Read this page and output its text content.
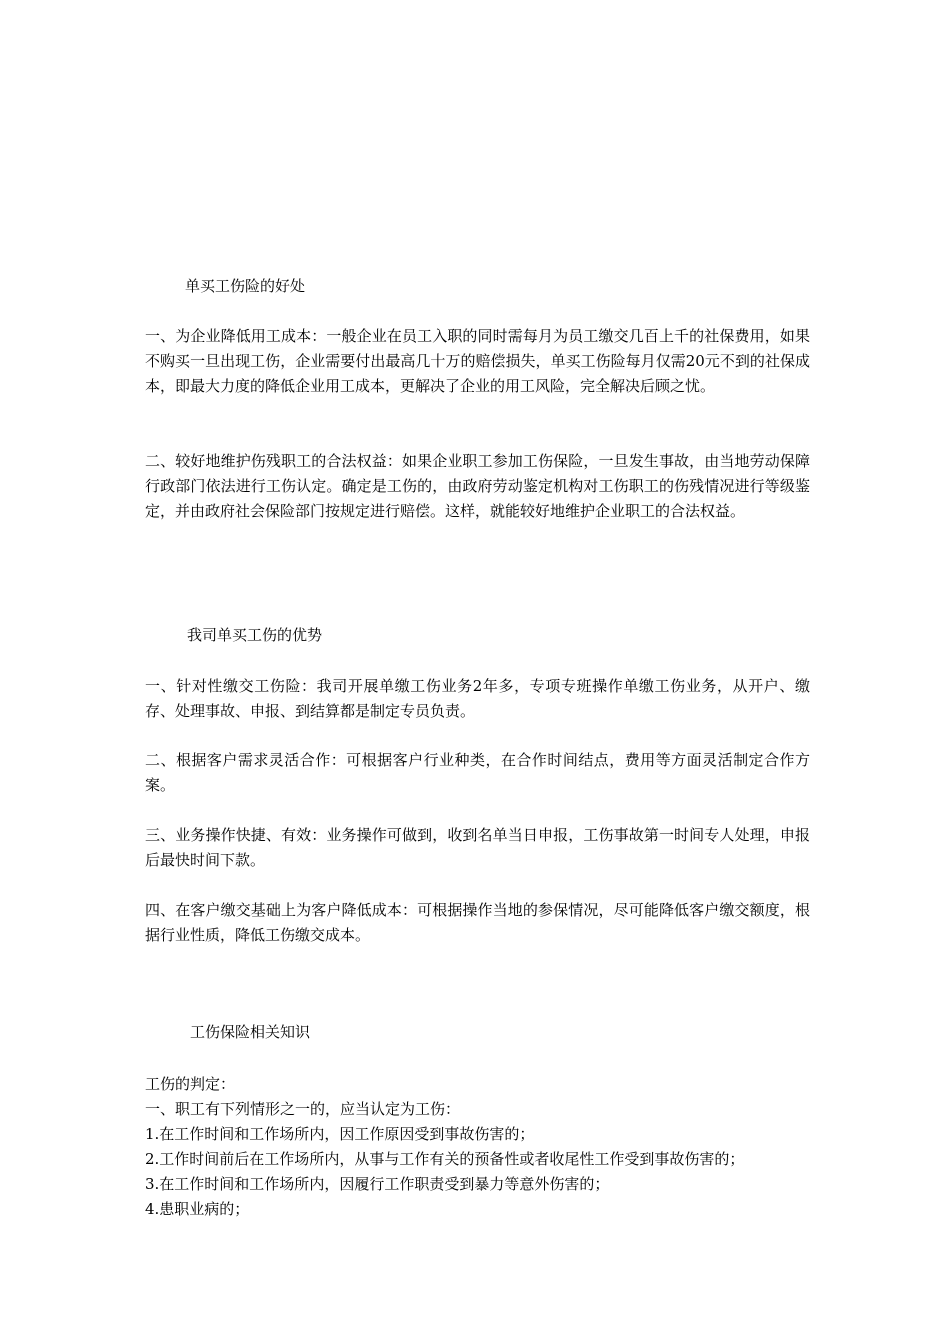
单买工伤险的好处

一、为企业降低用工成本：一般企业在员工入职的同时需每月为员工缴交几百上千的社保费用，如果不购买一旦出现工伤，企业需要付出最高几十万的赔偿损失，单买工伤险每月仅需20元不到的社保成本，即最大力度的降低企业用工成本，更解决了企业的用工风险，完全解决后顾之忧。

二、较好地维护伤残职工的合法权益：如果企业职工参加工伤保险，一旦发生事故，由当地劳动保障行政部门依法进行工伤认定。确定是工伤的，由政府劳动鉴定机构对工伤职工的伤残情况进行等级鉴定，并由政府社会保险部门按规定进行赔偿。这样，就能较好地维护企业职工的合法权益。

我司单买工伤的优势

一、针对性缴交工伤险：我司开展单缴工伤业务2年多，专项专班操作单缴工伤业务，从开户、缴存、处理事故、申报、到结算都是制定专员负责。

二、根据客户需求灵活合作：可根据客户行业种类，在合作时间结点，费用等方面灵活制定合作方案。

三、业务操作快捷、有效：业务操作可做到，收到名单当日申报，工伤事故第一时间专人处理，申报后最快时间下款。

四、在客户缴交基础上为客户降低成本：可根据操作当地的参保情况，尽可能降低客户缴交额度，根据行业性质，降低工伤缴交成本。

工伤保险相关知识
工伤的判定：
一、职工有下列情形之一的，应当认定为工伤：
1.在工作时间和工作场所内，因工作原因受到事故伤害的；
2.工作时间前后在工作场所内，从事与工作有关的预备性或者收尾性工作受到事故伤害的；
3.在工作时间和工作场所内，因履行工作职责受到暴力等意外伤害的；
4.患职业病的；
